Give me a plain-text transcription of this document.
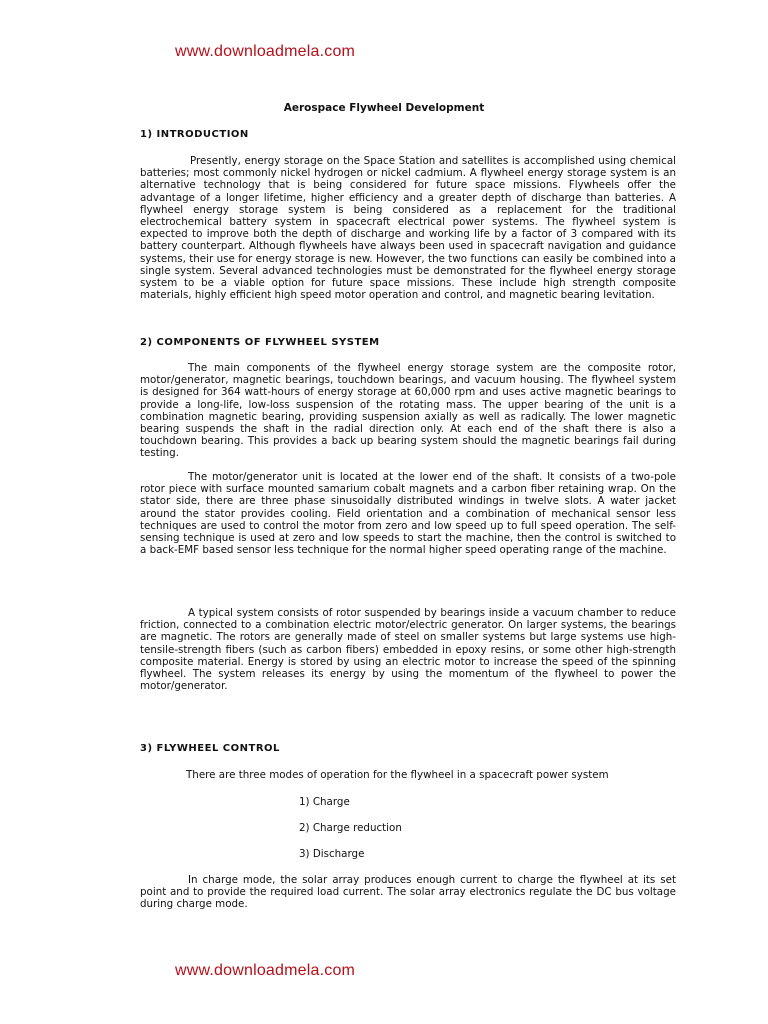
www.downloadmela.com
Aerospace Flywheel Development
1) INTRODUCTION

Presently, energy storage on the Space Station and satellites is accomplished using chemical batteries; most commonly nickel hydrogen or nickel cadmium. A flywheel energy storage system is an alternative technology that is being considered for future space missions. Flywheels offer the advantage of a longer lifetime, higher efficiency and a greater depth of discharge than batteries. A flywheel energy storage system is being considered as a replacement for the traditional electrochemical battery system in spacecraft electrical power systems. The flywheel system is expected to improve both the depth of discharge and working life by a factor of 3 compared with its battery counterpart. Although flywheels have always been used in spacecraft navigation and guidance systems, their use for energy storage is new. However, the two functions can easily be combined into a single system. Several advanced technologies must be demonstrated for the flywheel energy storage system to be a viable option for future space missions. These include high strength composite materials, highly efficient high speed motor operation and control, and magnetic bearing levitation.

2) COMPONENTS OF FLYWHEEL SYSTEM

The main components of the flywheel energy storage system are the composite rotor, motor/generator, magnetic bearings, touchdown bearings, and vacuum housing. The flywheel system is designed for 364 watt-hours of energy storage at 60,000 rpm and uses active magnetic bearings to provide a long-life, low-loss suspension of the rotating mass. The upper bearing of the unit is a combination magnetic bearing, providing suspension axially as well as radically. The lower magnetic bearing suspends the shaft in the radial direction only. At each end of the shaft there is also a touchdown bearing. This provides a back up bearing system should the magnetic bearings fail during testing.

The motor/generator unit is located at the lower end of the shaft. It consists of a two-pole rotor piece with surface mounted samarium cobalt magnets and a carbon fiber retaining wrap. On the stator side, there are three phase sinusoidally distributed windings in twelve slots. A water jacket around the stator provides cooling. Field orientation and a combination of mechanical sensor less techniques are used to control the motor from zero and low speed up to full speed operation. The self-sensing technique is used at zero and low speeds to start the machine, then the control is switched to a back-EMF based sensor less technique for the normal higher speed operating range of the machine.

A typical system consists of rotor suspended by bearings inside a vacuum chamber to reduce friction, connected to a combination electric motor/electric generator. On larger systems, the bearings are magnetic. The rotors are generally made of steel on smaller systems but large systems use high-tensile-strength fibers (such as carbon fibers) embedded in epoxy resins, or some other high-strength composite material. Energy is stored by using an electric motor to increase the speed of the spinning flywheel. The system releases its energy by using the momentum of the flywheel to power the motor/generator.

3) FLYWHEEL CONTROL

There are three modes of operation for the flywheel in a spacecraft power system

1) Charge

2) Charge reduction

3) Discharge

In charge mode, the solar array produces enough current to charge the flywheel at its set point and to provide the required load current. The solar array electronics regulate the DC bus voltage during charge mode.

www.downloadmela.com
